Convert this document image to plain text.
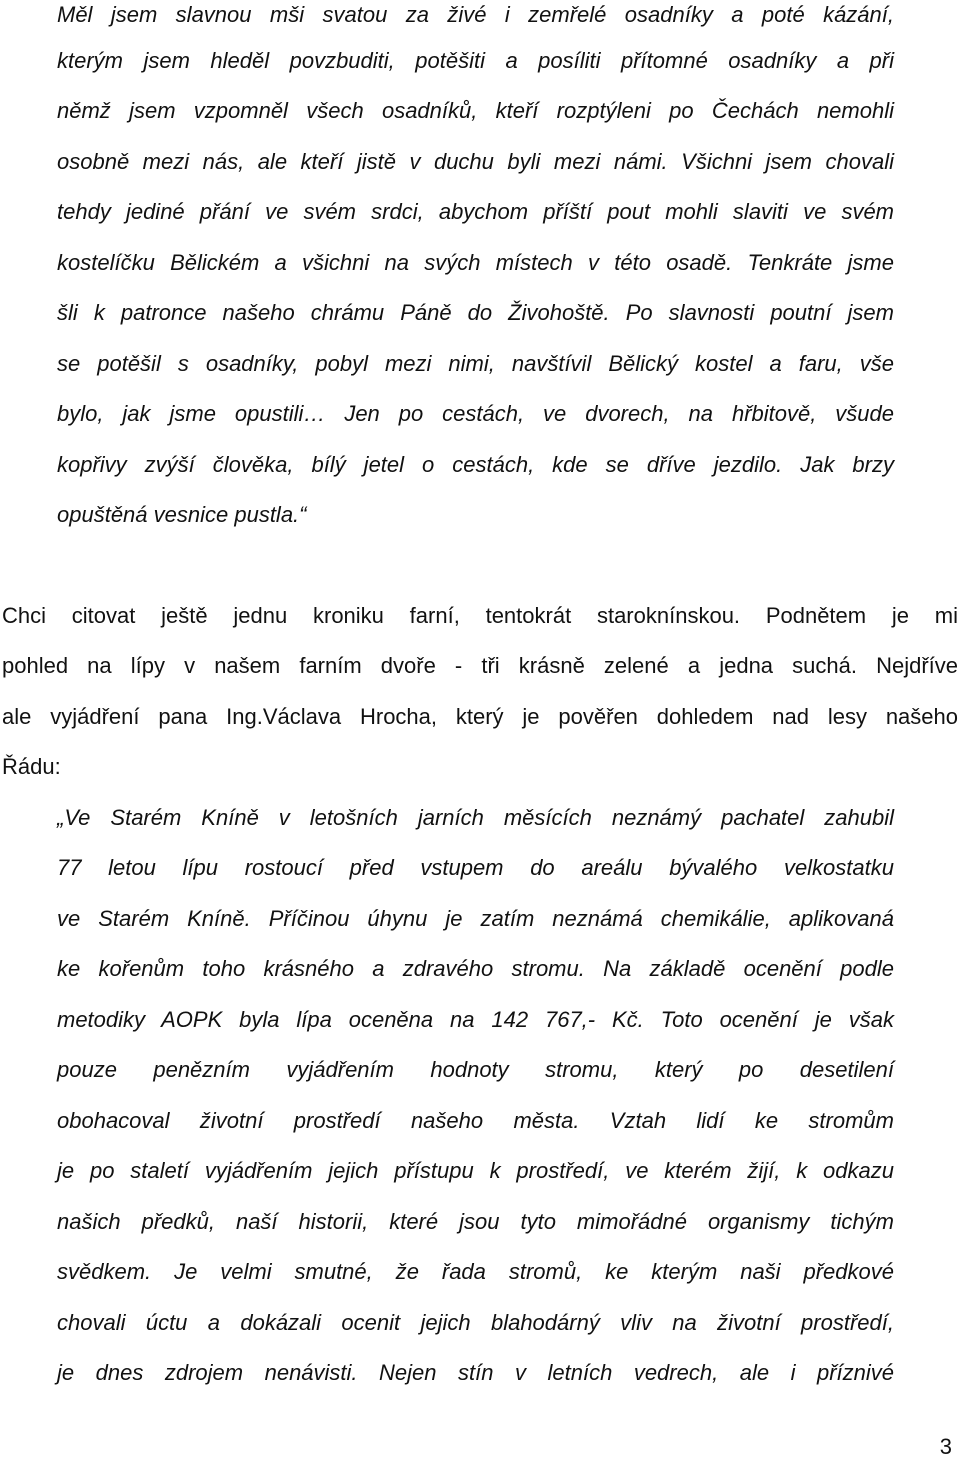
Měl jsem slavnou mši svatou za živé i zemřelé osadníky a poté kázání,
kterým jsem hleděl povzbuditi, potěšiti a posíliti přítomné osadníky a při
němž jsem vzpomněl všech osadníků, kteří rozptýleni po Čechách nemohli
osobně mezi nás, ale kteří jistě v duchu byli mezi námi. Všichni jsem chovali
tehdy jediné přání ve svém srdci, abychom příští pout mohli slaviti ve svém
kostelíčku Bělickém a všichni na svých místech v této osadě. Tenkráte jsme
šli k patronce našeho chrámu Páně do Živohoště. Po slavnosti poutní jsem
se potěšil s osadníky, pobyl mezi nimi, navštívil Bělický kostel a faru, vše
bylo, jak jsme opustili… Jen po cestách, ve dvorech, na hřbitově, všude
kopřivy zvýší člověka, bílý jetel o cestách, kde se dříve jezdilo. Jak brzy
opuštěná vesnice pustla.“
Chci citovat ještě jednu kroniku farní, tentokrát staroknínskou. Podnětem je mi
pohled na lípy v našem farním dvoře - tři krásně zelené a jedna suchá. Nejdříve
ale vyjádření pana Ing.Václava Hrocha, který je pověřen dohledem nad lesy našeho
Řádu:
„Ve Starém Kníně v letošních jarních měsících neznámý pachatel zahubil
77 letou lípu rostoucí před vstupem do areálu bývalého velkostatku
ve Starém Kníně. Příčinou úhynu je zatím neznámá chemikálie, aplikovaná
ke kořenům toho krásného a zdravého stromu. Na základě ocenění podle
metodiky AOPK byla lípa oceněna na 142 767,- Kč. Toto ocenění je však
pouze penězním vyjádřením hodnoty stromu, který po desetilení
obohacoval životní prostředí našeho města. Vztah lidí ke stromům
je po staletí vyjádřením jejich přístupu k prostředí, ve kterém žijí, k odkazu
našich předků, naší historii, které jsou tyto mimořádné organismy tichým
svědkem. Je velmi smutné, že řada stromů, ke kterým naši předkové
chovali úctu a dokázali ocenit jejich blahodárný vliv na životní prostředí,
je dnes zdrojem nenávisti. Nejen stín v letních vedrech, ale i příznivé
3
